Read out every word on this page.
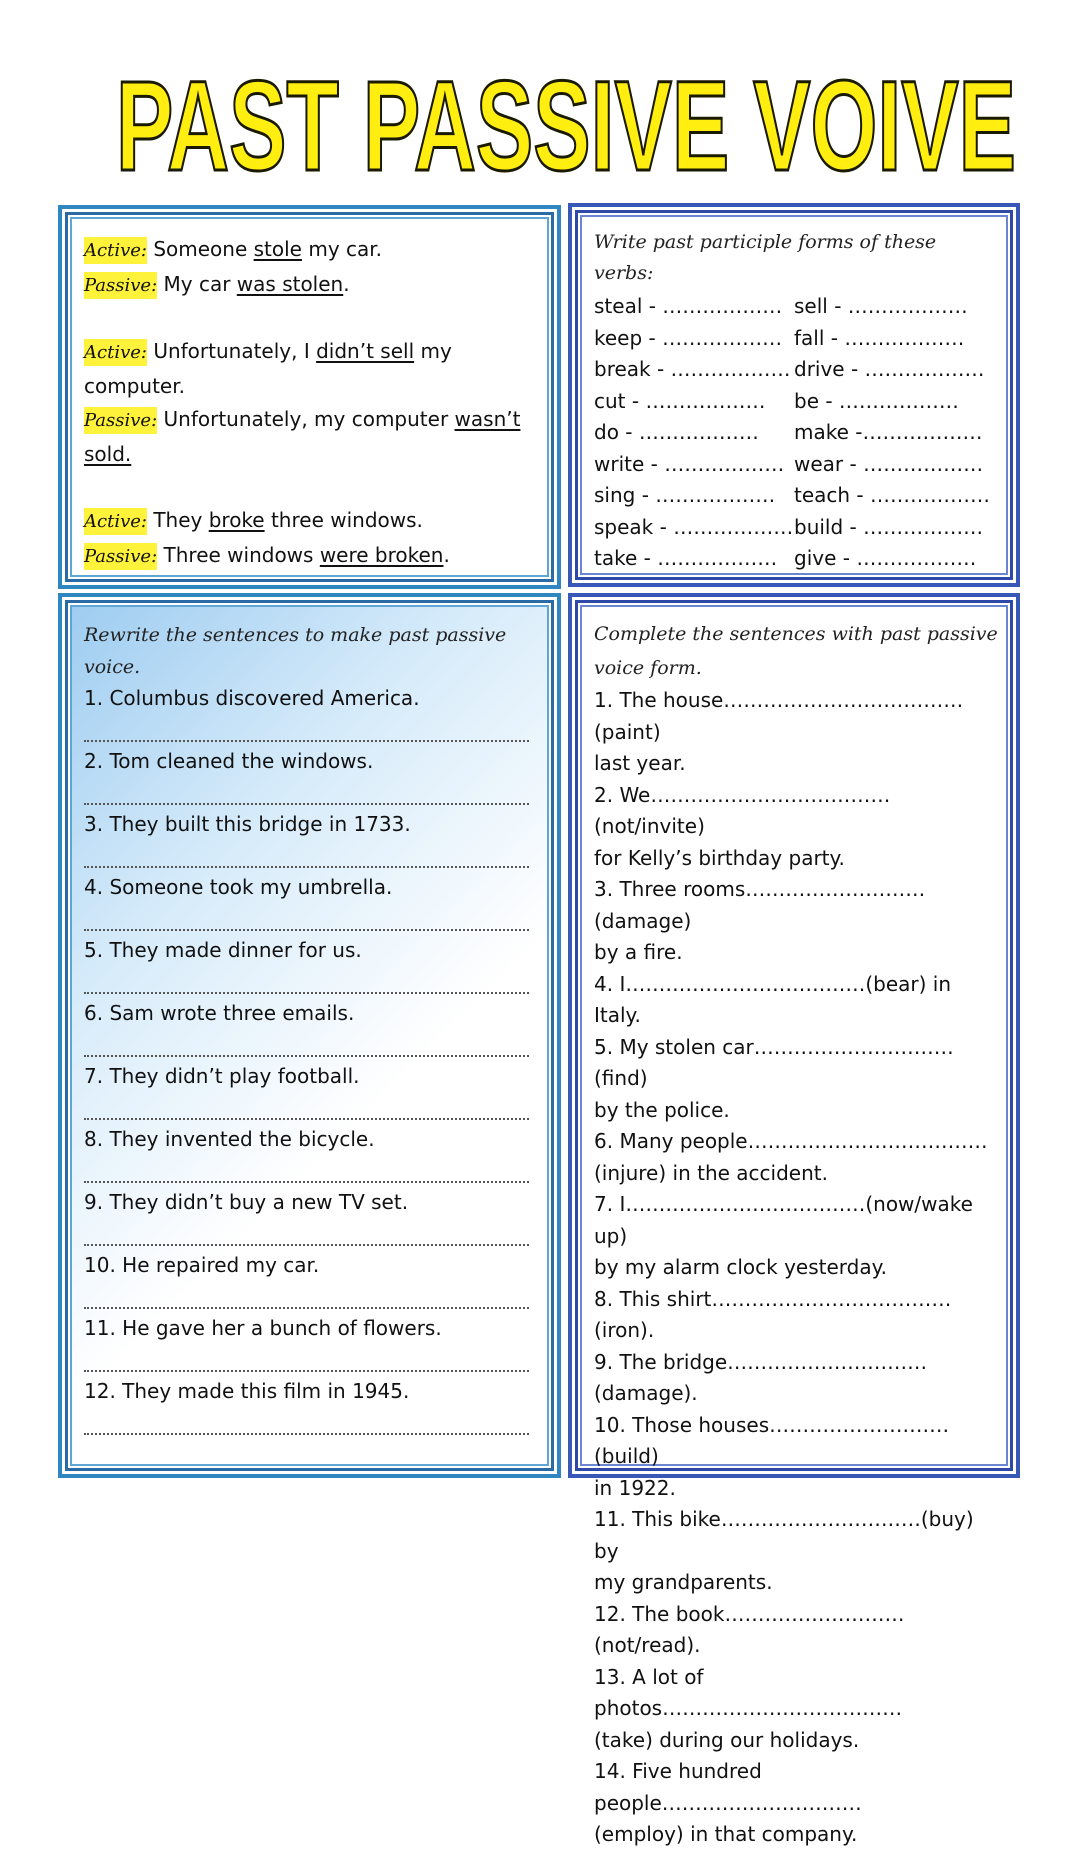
PAST PASSIVE VOIVE
Active: Someone stole my car.
Passive: My car was stolen.
Active: Unfortunately, I didn’t sell my computer.
Passive: Unfortunately, my computer wasn’t sold.
Active: They broke three windows.
Passive: Three windows were broken.
Write past participle forms of these verbs:
steal - ……………… sell - ………………
keep - ……………… fall - ………………
break - ……………… drive - ………………
cut - ………………	be - ………………
do - ………………	make -………………
write - ……………… wear - ………………
sing - ……………… teach - ………………
speak - ……………… build - ………………
take - ……………… give - ………………
Rewrite the sentences to make past passive voice.
1. Columbus discovered America.
2. Tom cleaned the windows.
3. They built this bridge in 1733.
4. Someone took my umbrella.
5. They made dinner for us.
6. Sam wrote three emails.
7. They didn’t play football.
8. They invented the bicycle.
9. They didn’t buy a new TV set.
10. He repaired my car.
11. He gave her a bunch of flowers.
12. They made this film in 1945.
Complete the sentences with past passive voice form.
1. The house………………………………(paint)
last year.
2. We………………………………(not/invite)
for Kelly’s birthday party.
3. Three rooms………………………(damage)
by a fire.
4. I………………………………(bear) in Italy.
5. My stolen car…………………………(find)
by the police.
6. Many people………………………………
(injure) in the accident.
7. I………………………………(now/wake up)
by my alarm clock yesterday.
8. This shirt………………………………(iron).
9. The bridge…………………………(damage).
10. Those houses………………………(build)
in 1922.
11. This bike…………………………(buy) by
my grandparents.
12. The book………………………(not/read).
13. A lot of photos………………………………
(take) during our holidays.
14. Five hundred people…………………………
(employ) in that company.
